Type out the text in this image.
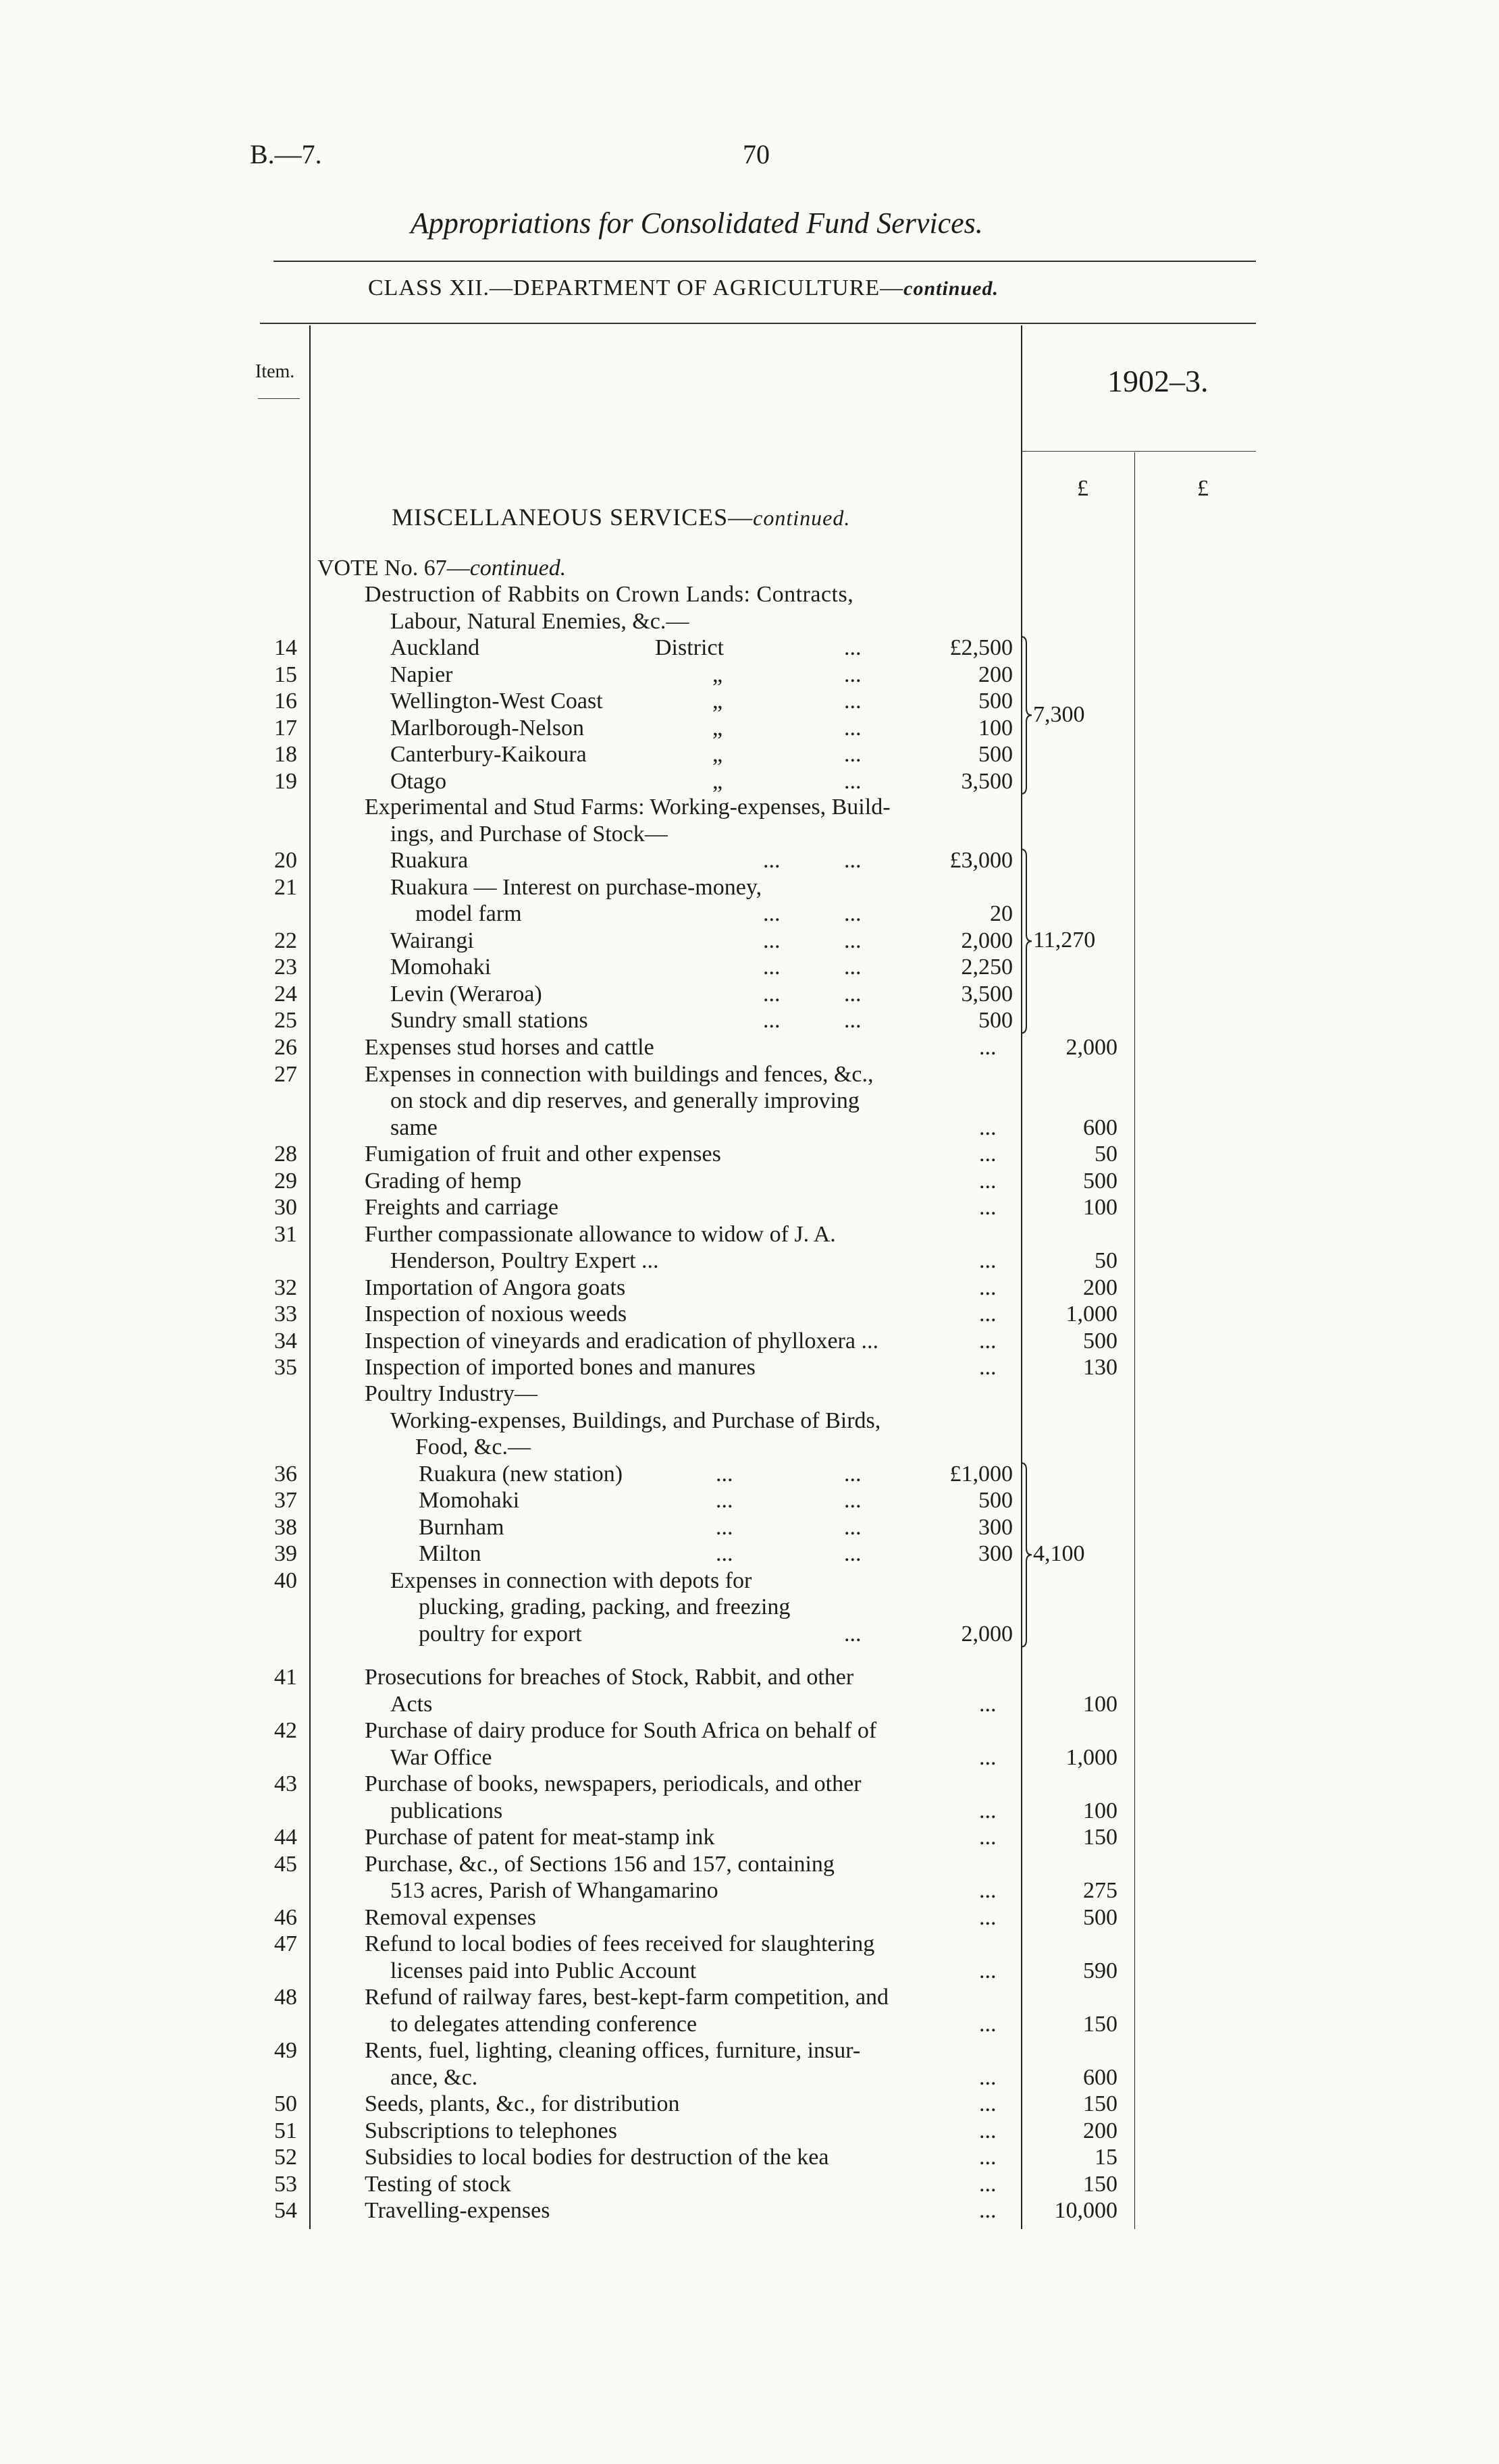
B.—7.	70
Appropriations for Consolidated Fund Services.
CLASS XII.—DEPARTMENT OF AGRICULTURE—continued.
Item.	1902–3.
£	£
MISCELLANEOUS SERVICES—continued.
VOTE No. 67—continued.
Destruction of Rabbits on Crown Lands: Contracts,
Labour, Natural Enemies, &c.—
14	Auckland	District	...	£2,500
15	Napier	„	...	200
16	Wellington-West Coast	„	...	500
17	Marlborough-Nelson	„	...	100
18	Canterbury-Kaikoura	„	...	500
19	Otago	„	...	3,500
7,300
Experimental and Stud Farms: Working-expenses, Build-
ings, and Purchase of Stock—
20	Ruakura	...	...	£3,000
21	Ruakura — Interest on purchase-money,
model farm	...	...	20
22	Wairangi	...	...	2,000
23	Momohaki	...	...	2,250
24	Levin (Weraroa)	...	...	3,500
25	Sundry small stations	...	...	500
11,270
26	Expenses stud horses and cattle	...	2,000
27	Expenses in connection with buildings and fences, &c.,
on stock and dip reserves, and generally improving
same	...	600
28	Fumigation of fruit and other expenses	...	50
29	Grading of hemp	...	500
30	Freights and carriage	...	100
31	Further compassionate allowance to widow of J. A.
Henderson, Poultry Expert ...	...	50
32	Importation of Angora goats	...	200
33	Inspection of noxious weeds	...	1,000
34	Inspection of vineyards and eradication of phylloxera ...	...	500
35	Inspection of imported bones and manures	...	130
Poultry Industry—
Working-expenses, Buildings, and Purchase of Birds,
Food, &c.—
36	Ruakura (new station)	...	...	£1,000
37	Momohaki	...	...	500
38	Burnham	...	...	300
39	Milton	...	...	300
40	Expenses in connection with depots for
plucking, grading, packing, and freezing
poultry for export	...	2,000
4,100
41	Prosecutions for breaches of Stock, Rabbit, and other
Acts	...	100
42	Purchase of dairy produce for South Africa on behalf of
War Office	...	1,000
43	Purchase of books, newspapers, periodicals, and other
publications	...	100
44	Purchase of patent for meat-stamp ink	...	150
45	Purchase, &c., of Sections 156 and 157, containing
513 acres, Parish of Whangamarino	...	275
46	Removal expenses	...	500
47	Refund to local bodies of fees received for slaughtering
licenses paid into Public Account	...	590
48	Refund of railway fares, best-kept-farm competition, and
to delegates attending conference	...	150
49	Rents, fuel, lighting, cleaning offices, furniture, insur-
ance, &c.	...	600
50	Seeds, plants, &c., for distribution	...	150
51	Subscriptions to telephones	...	200
52	Subsidies to local bodies for destruction of the kea	...	15
53	Testing of stock	...	150
54	Travelling-expenses	...	10,000
